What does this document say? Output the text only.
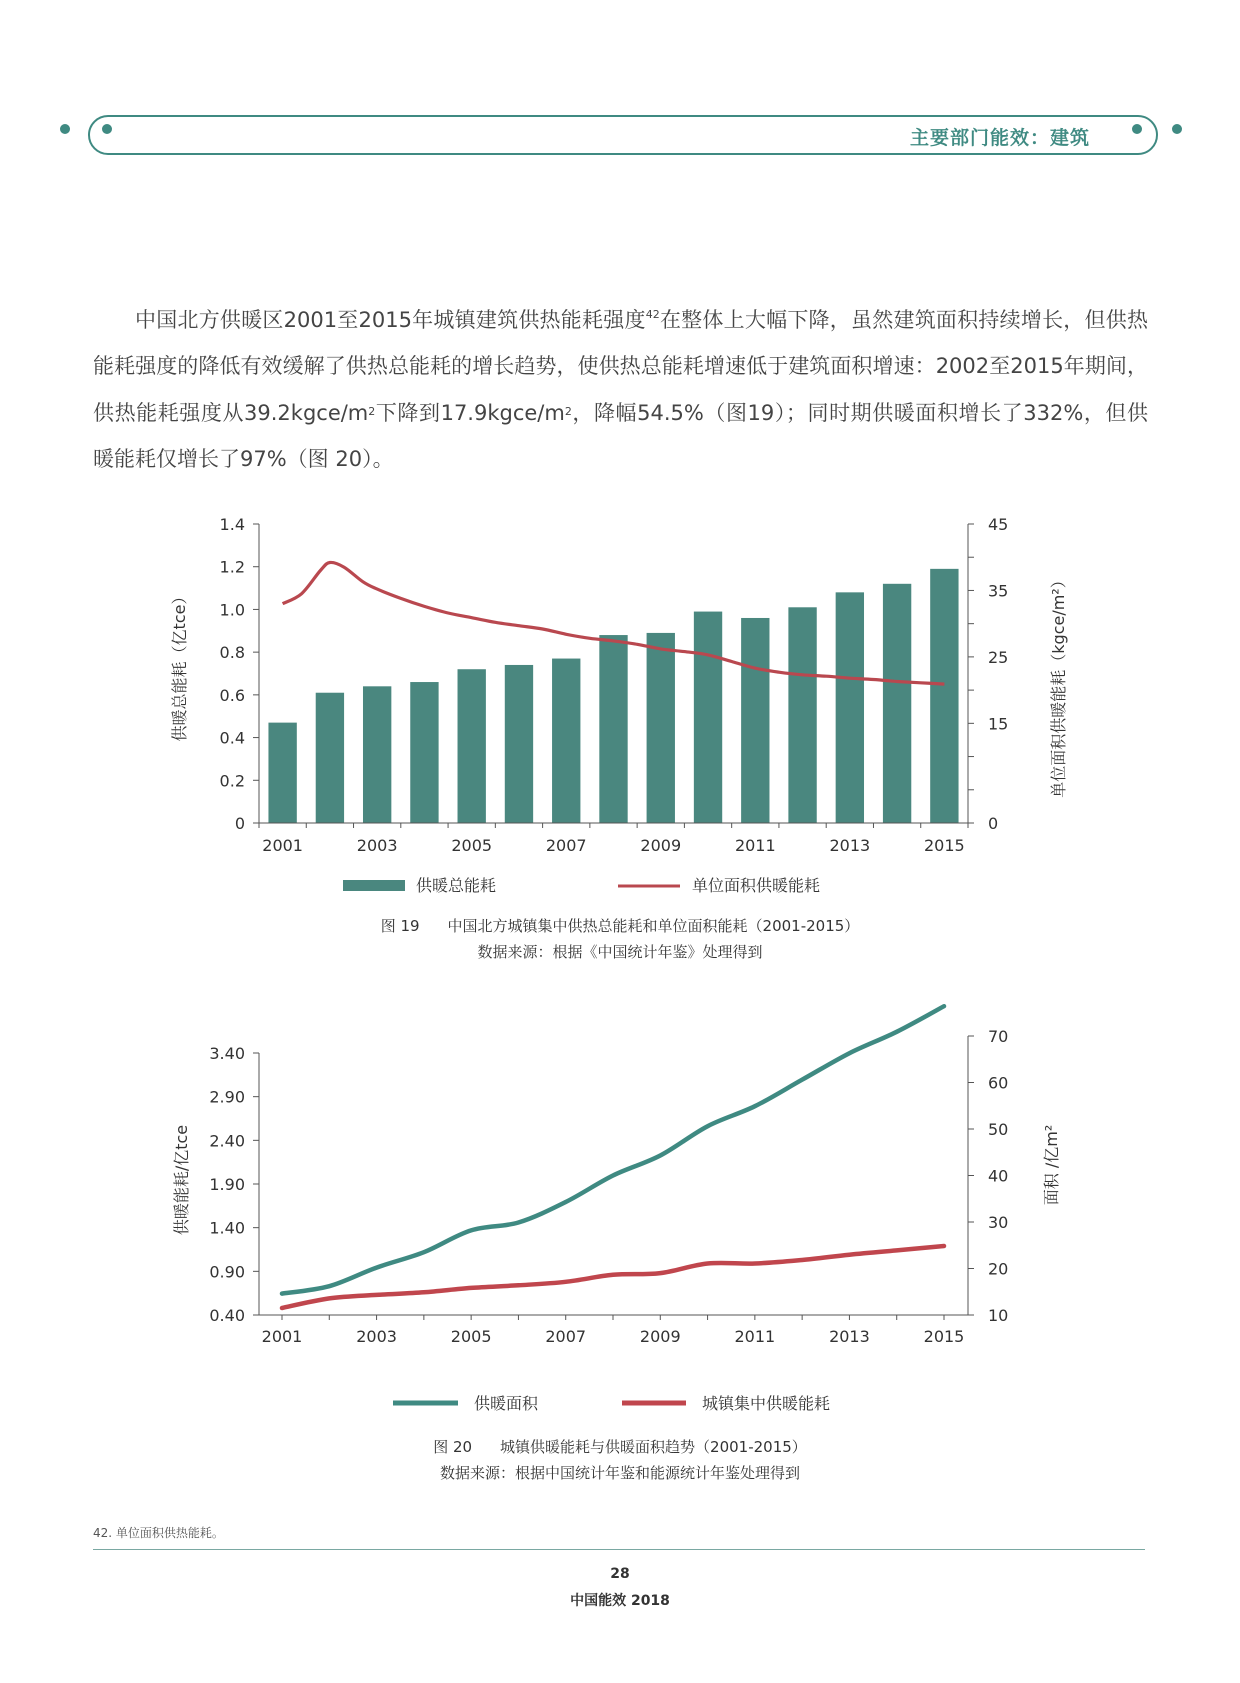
主要部门能效：建筑

中国北方供暖区2001至2015年城镇建筑供热能耗强度$^{42}$在整体上大幅下降，虽然建筑面积持续增长，但供热能耗强度的降低有效缓解了供热总能耗的增长趋势，使供热总能耗增速低于建筑面积增速：2002至2015年期间，供热能耗强度从$39.2kgce/m^2$下降到$17.9kgce/m^2$，降幅54.5%（图19）；同时期供暖面积增长了332%，但供暖能耗仅增长了97%（图 20）。

0
0.2
0.4
0.6
0.8
1.0
1.2
1.4
0
15
25
35
45
2001	2003	2005	2007	2009	2011	2013	2015
供暖总能耗（亿tce）	单位面积供暖能耗（kgce/m²）
供暖总能耗	单位面积供暖能耗
图 19 中国北方城镇集中供热总能耗和单位面积能耗（2001-2015）
数据来源：根据《中国统计年鉴》处理得到
0.40
0.90
1.40
1.90
2.40
2.90
3.40
10
20
30
40
50
60
70
2001	2003	2005	2007	2009	2011	2013	2015
供暖能耗/亿tce	面积 /亿m²
供暖面积	城镇集中供暖能耗
图 20 城镇供暖能耗与供暖面积趋势（2001-2015）
数据来源：根据中国统计年鉴和能源统计年鉴处理得到
42. 单位面积供热能耗。
28
中国能效 2018
